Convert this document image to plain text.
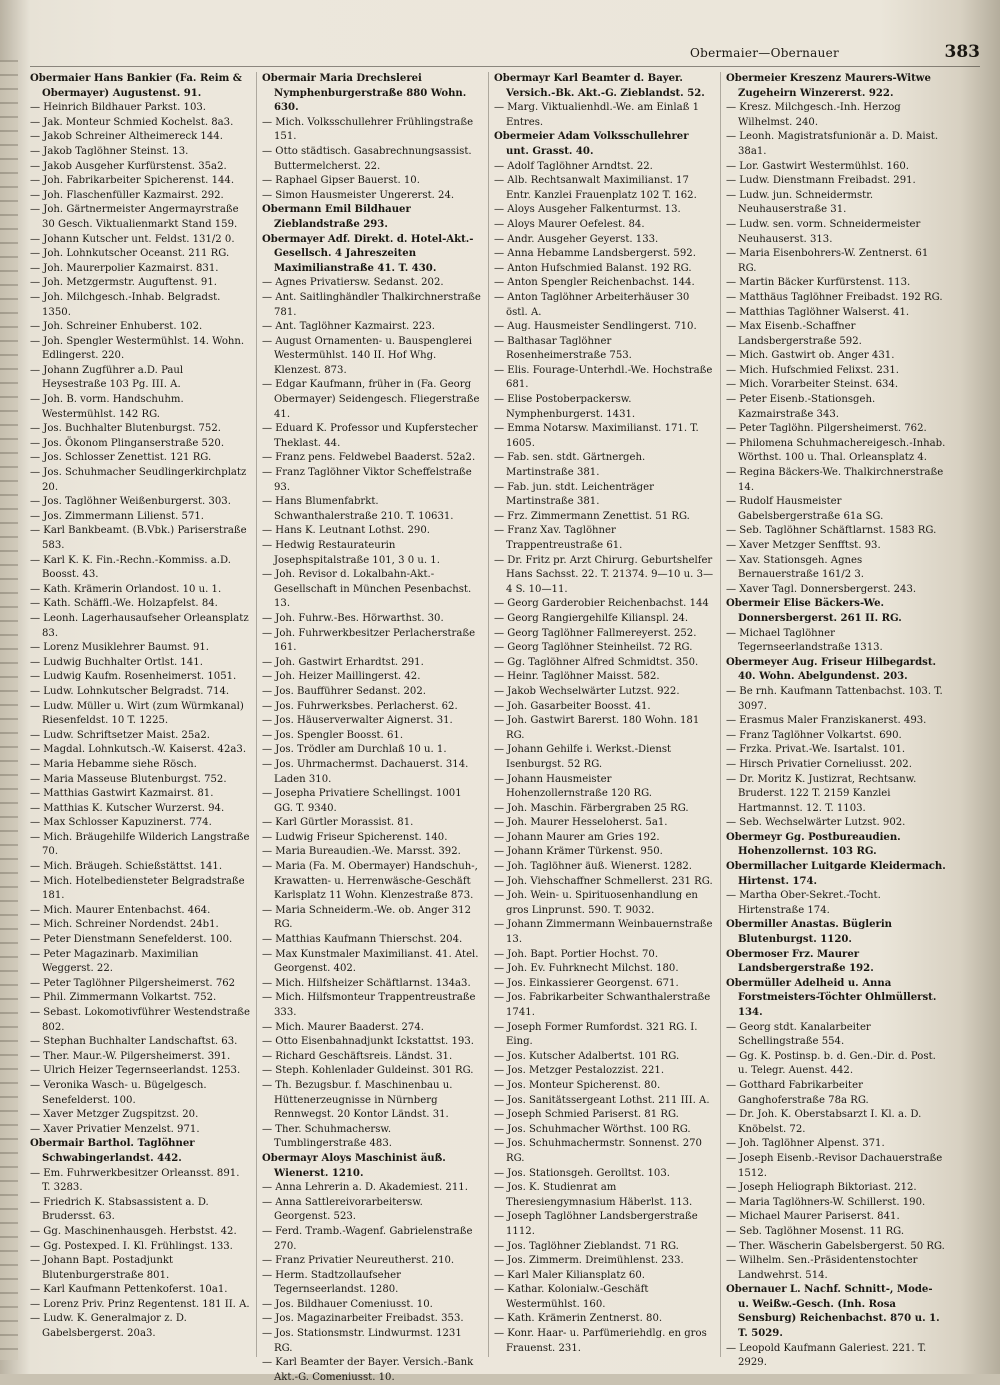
Obermaier—Obernauer	383

Obermaier Hans Bankier (Fa. Reim & Obermayer) Augustenst. 91.

— Heinrich Bildhauer Parkst. 103.

— Jak. Monteur Schmied Kochelst. 8a3.

— Jakob Schreiner Altheimereck 144.

— Jakob Taglöhner Steinst. 13.

— Jakob Ausgeher Kurfürstenst. 35a2.

— Joh. Fabrikarbeiter Spicherenst. 144.

— Joh. Flaschenfüller Kazmairst. 292.

— Joh. Gärtnermeister Angermayrstraße 30 Gesch. Viktualienmarkt Stand 159.

— Johann Kutscher unt. Feldst. 131/2 0.

— Joh. Lohnkutscher Oceanst. 211 RG.

— Joh. Maurerpolier Kazmairst. 831.

— Joh. Metzgermstr. Auguftenst. 91.

— Joh. Milchgesch.-Inhab. Belgradst. 1350.

— Joh. Schreiner Enhuberst. 102.

— Joh. Spengler Westermühlst. 14. Wohn. Edlingerst. 220.

— Johann Zugführer a.D. Paul Heysestraße 103 Pg. III. A.

— Joh. B. vorm. Handschuhm. Westermühlst. 142 RG.

— Jos. Buchhalter Blutenburgst. 752.

— Jos. Ökonom Plinganserstraße 520.

— Jos. Schlosser Zenettist. 121 RG.

— Jos. Schuhmacher Seudlingerkirchplatz 20.

— Jos. Taglöhner Weißenburgerst. 303.

— Jos. Zimmermann Lilienst. 571.

— Karl Bankbeamt. (B.Vbk.) Pariserstraße 583.

— Karl K. K. Fin.-Rechn.-Kommiss. a.D. Boosst. 43.

— Kath. Krämerin Orlandost. 10 u. 1.

— Kath. Schäffl.-We. Holzapfelst. 84.

— Leonh. Lagerhausaufseher Orleansplatz 83.

— Lorenz Musiklehrer Baumst. 91.

— Ludwig Buchhalter Ortlst. 141.

— Ludwig Kaufm. Rosenheimerst. 1051.

— Ludw. Lohnkutscher Belgradst. 714.

— Ludw. Müller u. Wirt (zum Würmkanal) Riesenfeldst. 10 T. 1225.

— Ludw. Schriftsetzer Maist. 25a2.

— Magdal. Lohnkutsch.-W. Kaiserst. 42a3.

— Maria Hebamme siehe Rösch.

— Maria Masseuse Blutenburgst. 752.

— Matthias Gastwirt Kazmairst. 81.

— Matthias K. Kutscher Wurzerst. 94.

— Max Schlosser Kapuzinerst. 774.

— Mich. Bräugehilfe Wilderich Langstraße 70.

— Mich. Bräugeh. Schießstättst. 141.

— Mich. Hotelbediensteter Belgradstraße 181.

— Mich. Maurer Entenbachst. 464.

— Mich. Schreiner Nordendst. 24b1.

— Peter Dienstmann Senefelderst. 100.

— Peter Magazinarb. Maximilian Weggerst. 22.

— Peter Taglöhner Pilgersheimerst. 762

— Phil. Zimmermann Volkartst. 752.

— Sebast. Lokomotivführer Westendstraße 802.

— Stephan Buchhalter Landschaftst. 63.

— Ther. Maur.-W. Pilgersheimerst. 391.

— Ulrich Heizer Tegernseerlandst. 1253.

— Veronika Wasch- u. Bügelgesch. Senefelderst. 100.

— Xaver Metzger Zugspitzst. 20.

— Xaver Privatier Menzelst. 971.

Obermair Barthol. Taglöhner Schwabingerlandst. 442.

— Em. Fuhrwerkbesitzer Orleansst. 891. T. 3283.

— Friedrich K. Stabsassistent a. D. Brudersst. 63.

— Gg. Maschinenhausgeh. Herbstst. 42.

— Gg. Postexped. I. Kl. Frühlingst. 133.

— Johann Bapt. Postadjunkt Blutenburgerstraße 801.

— Karl Kaufmann Pettenkoferst. 10a1.

— Lorenz Priv. Prinz Regentenst. 181 II. A.

— Ludw. K. Generalmajor z. D. Gabelsbergerst. 20a3.

Obermair Maria Drechslerei Nymphenburgerstraße 880 Wohn. 630.

— Mich. Volksschullehrer Frühlingstraße 151.

— Otto städtisch. Gasabrechnungsassist. Buttermelcherst. 22.

— Raphael Gipser Bauerst. 10.

— Simon Hausmeister Ungererst. 24.

Obermann Emil Bildhauer Zieblandstraße 293.

Obermayer Adf. Direkt. d. Hotel-Akt.-Gesellsch. 4 Jahreszeiten Maximilianstraße 41. T. 430.

— Agnes Privatiersw. Sedanst. 202.

— Ant. Saitlinghändler Thalkirchnerstraße 781.

— Ant. Taglöhner Kazmairst. 223.

— August Ornamenten- u. Bauspenglerei Westermühlst. 140 II. Hof Whg. Klenzest. 873.

— Edgar Kaufmann, früher in (Fa. Georg Obermayer) Seidengesch. Fliegerstraße 41.

— Eduard K. Professor und Kupferstecher Theklast. 44.

— Franz pens. Feldwebel Baaderst. 52a2.

— Franz Taglöhner Viktor Scheffelstraße 93.

— Hans Blumenfabrkt. Schwanthalerstraße 210. T. 10631.

— Hans K. Leutnant Lothst. 290.

— Hedwig Restaurateurin Josephspitalstraße 101, 3 0 u. 1.

— Joh. Revisor d. Lokalbahn-Akt.-Gesellschaft in München Pesenbachst. 13.

— Joh. Fuhrw.-Bes. Hörwarthst. 30.

— Joh. Fuhrwerkbesitzer Perlacherstraße 161.

— Joh. Gastwirt Erhardtst. 291.

— Joh. Heizer Maillingerst. 42.

— Jos. Baufführer Sedanst. 202.

— Jos. Fuhrwerksbes. Perlacherst. 62.

— Jos. Häuserverwalter Aignerst. 31.

— Jos. Spengler Boosst. 61.

— Jos. Trödler am Durchlaß 10 u. 1.

— Jos. Uhrmachermst. Dachauerst. 314. Laden 310.

— Josepha Privatiere Schellingst. 1001 GG. T. 9340.

— Karl Gürtler Morassist. 81.

— Ludwig Friseur Spicherenst. 140.

— Maria Bureaudien.-We. Marsst. 392.

— Maria (Fa. M. Obermayer) Handschuh-, Krawatten- u. Herrenwäsche-Geschäft Karlsplatz 11 Wohn. Klenzestraße 873.

— Maria Schneiderm.-We. ob. Anger 312 RG.

— Matthias Kaufmann Thierschst. 204.

— Max Kunstmaler Maximilianst. 41. Atel. Georgenst. 402.

— Mich. Hilfsheizer Schäftlarnst. 134a3.

— Mich. Hilfsmonteur Trappentreustraße 333.

— Mich. Maurer Baaderst. 274.

— Otto Eisenbahnadjunkt Ickstattst. 193.

— Richard Geschäftsreis. Ländst. 31.

— Steph. Kohlenlader Guldeinst. 301 RG.

— Th. Bezugsbur. f. Maschinenbau u. Hüttenerzeugnisse in Nürnberg Rennwegst. 20 Kontor Ländst. 31.

— Ther. Schuhmachersw. Tumblingerstraße 483.

Obermayr Aloys Maschinist äuß. Wienerst. 1210.

— Anna Lehrerin a. D. Akademiest. 211.

— Anna Sattlereivorarbeitersw. Georgenst. 523.

— Ferd. Tramb.-Wagenf. Gabrielenstraße 270.

— Franz Privatier Neureutherst. 210.

— Herm. Stadtzollaufseher Tegernseerlandst. 1280.

— Jos. Bildhauer Comeniusst. 10.

— Jos. Magazinarbeiter Freibadst. 353.

— Jos. Stationsmstr. Lindwurmst. 1231 RG.

— Karl Beamter der Bayer. Versich.-Bank Akt.-G. Comeniusst. 10.

Obermayr Karl Beamter d. Bayer. Versich.-Bk. Akt.-G. Zieblandst. 52.

— Marg. Viktualienhdl.-We. am Einlaß 1 Entres.

Obermeier Adam Volksschullehrer unt. Grasst. 40.

— Adolf Taglöhner Arndtst. 22.

— Alb. Rechtsanwalt Maximilianst. 17 Entr. Kanzlei Frauenplatz 102 T. 162.

— Aloys Ausgeher Falkenturmst. 13.

— Aloys Maurer Oefelest. 84.

— Andr. Ausgeher Geyerst. 133.

— Anna Hebamme Landsbergerst. 592.

— Anton Hufschmied Balanst. 192 RG.

— Anton Spengler Reichenbachst. 144.

— Anton Taglöhner Arbeiterhäuser 30 östl. A.

— Aug. Hausmeister Sendlingerst. 710.

— Balthasar Taglöhner Rosenheimerstraße 753.

— Elis. Fourage-Unterhdl.-We. Hochstraße 681.

— Elise Postoberpackersw. Nymphenburgerst. 1431.

— Emma Notarsw. Maximilianst. 171. T. 1605.

— Fab. sen. stdt. Gärtnergeh. Martinstraße 381.

— Fab. jun. stdt. Leichenträger Martinstraße 381.

— Frz. Zimmermann Zenettist. 51 RG.

— Franz Xav. Taglöhner Trappentreustraße 61.

— Dr. Fritz pr. Arzt Chirurg. Geburtshelfer Hans Sachsst. 22. T. 21374. 9—10 u. 3—4 S. 10—11.

— Georg Garderobier Reichenbachst. 144

— Georg Rangiergehilfe Kilianspl. 24.

— Georg Taglöhner Fallmereyerst. 252.

— Georg Taglöhner Steinheilst. 72 RG.

— Gg. Taglöhner Alfred Schmidtst. 350.

— Heinr. Taglöhner Maisst. 582.

— Jakob Wechselwärter Lutzst. 922.

— Joh. Gasarbeiter Boosst. 41.

— Joh. Gastwirt Barerst. 180 Wohn. 181 RG.

— Johann Gehilfe i. Werkst.-Dienst Isenburgst. 52 RG.

— Johann Hausmeister Hohenzollernstraße 120 RG.

— Joh. Maschin. Färbergraben 25 RG.

— Joh. Maurer Hesseloherst. 5a1.

— Johann Maurer am Gries 192.

— Johann Krämer Türkenst. 950.

— Joh. Taglöhner äuß. Wienerst. 1282.

— Joh. Viehschaffner Schmellerst. 231 RG.

— Joh. Wein- u. Spirituosenhandlung en gros Linprunst. 590. T. 9032.

— Johann Zimmermann Weinbauernstraße 13.

— Joh. Bapt. Portier Hochst. 70.

— Joh. Ev. Fuhrknecht Milchst. 180.

— Jos. Einkassierer Georgenst. 671.

— Jos. Fabrikarbeiter Schwanthalerstraße 1741.

— Joseph Former Rumfordst. 321 RG. I. Eing.

— Jos. Kutscher Adalbertst. 101 RG.

— Jos. Metzger Pestalozzist. 221.

— Jos. Monteur Spicherenst. 80.

— Jos. Sanitätssergeant Lothst. 211 III. A.

— Joseph Schmied Pariserst. 81 RG.

— Jos. Schuhmacher Wörthst. 100 RG.

— Jos. Schuhmachermstr. Sonnenst. 270 RG.

— Jos. Stationsgeh. Gerolltst. 103.

— Jos. K. Studienrat am Theresiengymnasium Häberlst. 113.

— Joseph Taglöhner Landsbergerstraße 1112.

— Jos. Taglöhner Zieblandst. 71 RG.

— Jos. Zimmerm. Dreimühlenst. 233.

— Karl Maler Kiliansplatz 60.

— Kathar. Kolonialw.-Geschäft Westermühlst. 160.

— Kath. Krämerin Zentnerst. 80.

— Konr. Haar- u. Parfümeriehdlg. en gros Frauenst. 231.

Obermeier Kreszenz Maurers-Witwe Zugeheirn Winzererst. 922.

— Kresz. Milchgesch.-Inh. Herzog Wilhelmst. 240.

— Leonh. Magistratsfunionär a. D. Maist. 38a1.

— Lor. Gastwirt Westermühlst. 160.

— Ludw. Dienstmann Freibadst. 291.

— Ludw. jun. Schneidermstr. Neuhauserstraße 31.

— Ludw. sen. vorm. Schneidermeister Neuhauserst. 313.

— Maria Eisenbohrers-W. Zentnerst. 61 RG.

— Martin Bäcker Kurfürstenst. 113.

— Matthäus Taglöhner Freibadst. 192 RG.

— Matthias Taglöhner Walserst. 41.

— Max Eisenb.-Schaffner Landsbergerstraße 592.

— Mich. Gastwirt ob. Anger 431.

— Mich. Hufschmied Felixst. 231.

— Mich. Vorarbeiter Steinst. 634.

— Peter Eisenb.-Stationsgeh. Kazmairstraße 343.

— Peter Taglöhn. Pilgersheimerst. 762.

— Philomena Schuhmachereigesch.-Inhab. Wörthst. 100 u. Thal. Orleansplatz 4.

— Regina Bäckers-We. Thalkirchnerstraße 14.

— Rudolf Hausmeister Gabelsbergerstraße 61a SG.

— Seb. Taglöhner Schäftlarnst. 1583 RG.

— Xaver Metzger Senfftst. 93.

— Xav. Stationsgeh. Agnes Bernauerstraße 161/2 3.

— Xaver Tagl. Donnersbergerst. 243.

Obermeir Elise Bäckers-We. Donnersbergerst. 261 II. RG.

— Michael Taglöhner Tegernseerlandstraße 1313.

Obermeyer Aug. Friseur Hilbegardst. 40. Wohn. Abelgundenst. 203.

— Be rnh. Kaufmann Tattenbachst. 103. T. 3097.

— Erasmus Maler Franziskanerst. 493.

— Franz Taglöhner Volkartst. 690.

— Frzka. Privat.-We. Isartalst. 101.

— Hirsch Privatier Corneliusst. 202.

— Dr. Moritz K. Justizrat, Rechtsanw. Bruderst. 122 T. 2159 Kanzlei Hartmannst. 12. T. 1103.

— Seb. Wechselwärter Lutzst. 902.

Obermeyr Gg. Postbureaudien. Hohenzollernst. 103 RG.

Obermillacher Luitgarde Kleidermach. Hirtenst. 174.

— Martha Ober-Sekret.-Tocht. Hirtenstraße 174.

Obermiller Anastas. Büglerin Blutenburgst. 1120.

Obermoser Frz. Maurer Landsbergerstraße 192.

Obermüller Adelheid u. Anna Forstmeisters-Töchter Ohlmüllerst. 134.

— Georg stdt. Kanalarbeiter Schellingstraße 554.

— Gg. K. Postinsp. b. d. Gen.-Dir. d. Post. u. Telegr. Auenst. 442.

— Gotthard Fabrikarbeiter Ganghoferstraße 78a RG.

— Dr. Joh. K. Oberstabsarzt I. Kl. a. D. Knöbelst. 72.

— Joh. Taglöhner Alpenst. 371.

— Joseph Eisenb.-Revisor Dachauerstraße 1512.

— Joseph Heliograph Biktoriast. 212.

— Maria Taglöhners-W. Schillerst. 190.

— Michael Maurer Pariserst. 841.

— Seb. Taglöhner Mosenst. 11 RG.

— Ther. Wäscherin Gabelsbergerst. 50 RG.

— Wilhelm. Sen.-Präsidentenstochter Landwehrst. 514.

Obernauer L. Nachf. Schnitt-, Mode- u. Weißw.-Gesch. (Inh. Rosa Sensburg) Reichenbachst. 870 u. 1. T. 5029.

— Leopold Kaufmann Galeriest. 221. T. 2929.
